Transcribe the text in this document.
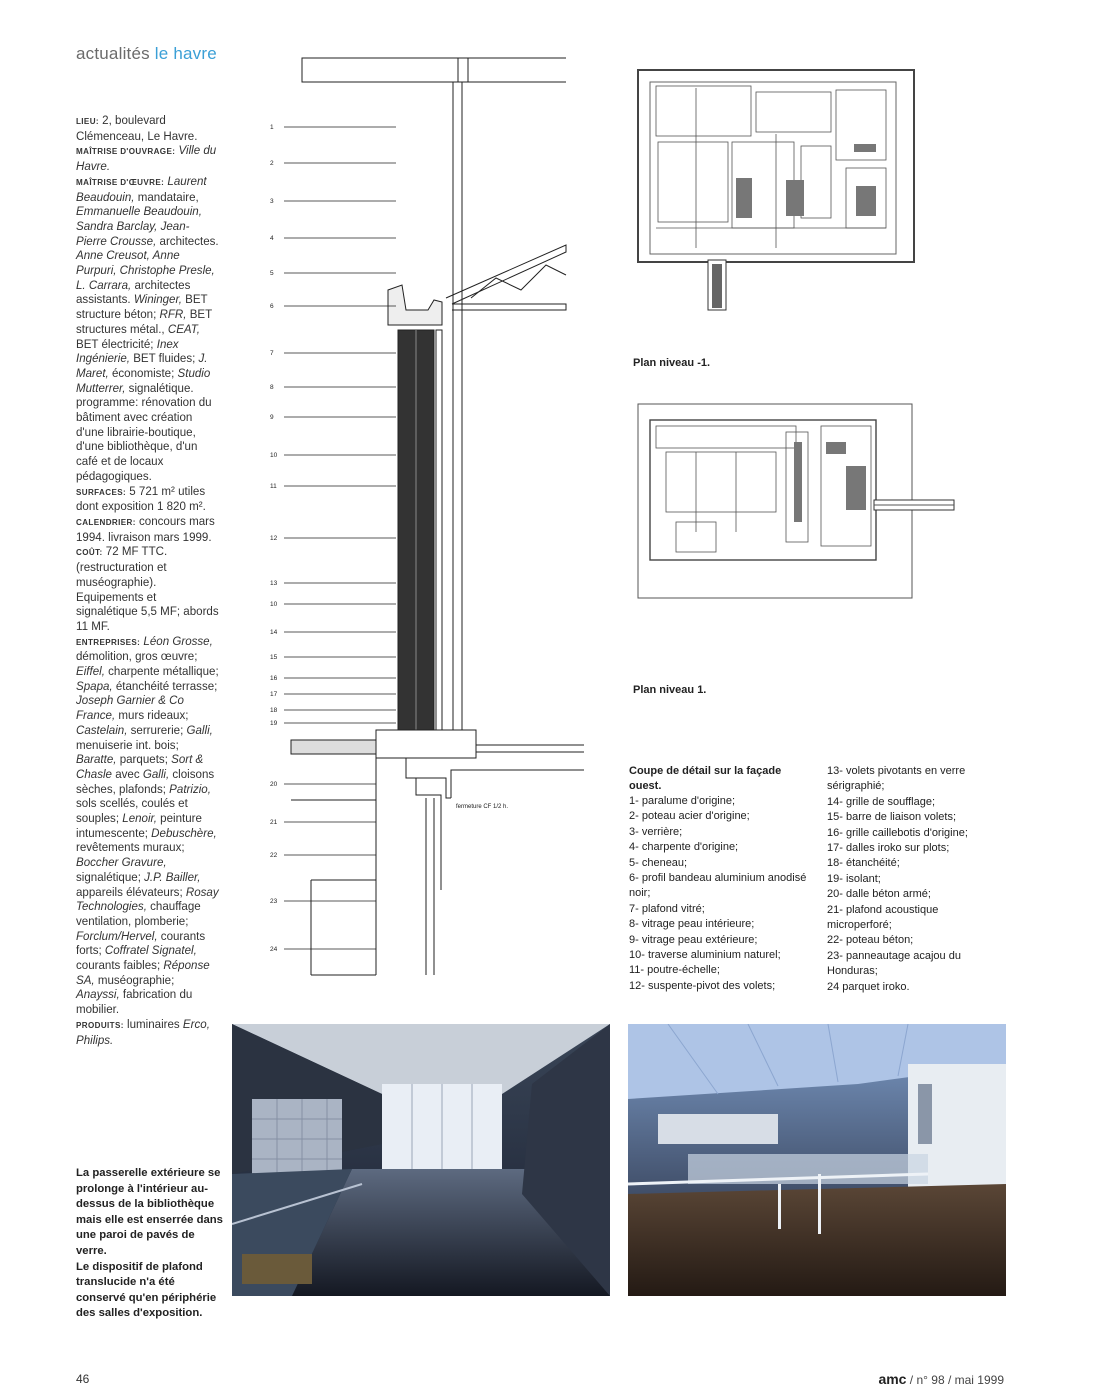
actualités le havre
LIEU: 2, boulevard Clémenceau, Le Havre.
MAÎTRISE D'OUVRAGE: Ville du Havre.
MAÎTRISE D'ŒUVRE: Laurent Beaudouin, mandataire, Emmanuelle Beaudouin, Sandra Barclay, Jean-Pierre Crousse, architectes. Anne Creusot, Anne Purpuri, Christophe Presle, L. Carrara, architectes assistants. Wininger, BET structure béton; RFR, BET structures métal., CEAT, BET électricité; Inex Ingénierie, BET fluides; J. Maret, économiste; Studio Mutterrer, signalétique. programme: rénovation du bâtiment avec création d'une librairie-boutique, d'une bibliothèque, d'un café et de locaux pédagogiques.
SURFACES: 5 721 m² utiles dont exposition 1 820 m².
CALENDRIER: concours mars 1994. livraison mars 1999.
COÛT: 72 MF TTC. (restructuration et muséographie). Equipements et signalétique 5,5 MF; abords 11 MF.
ENTREPRISES: Léon Grosse, démolition, gros œuvre; Eiffel, charpente métallique; Spapa, étanchéité terrasse; Joseph Garnier & Co France, murs rideaux; Castelain, serrurerie; Galli, menuiserie int. bois; Baratte, parquets; Sort & Chasle avec Galli, cloisons sèches, plafonds; Patrizio, sols scellés, coulés et souples; Lenoir, peinture intumescente; Debuschère, revêtements muraux; Boccher Gravure, signalétique; J.P. Bailler, appareils élévateurs; Rosay Technologies, chauffage ventilation, plomberie; Forclum/Hervel, courants forts; Coffratel Signatel, courants faibles; Réponse SA, muséographie; Anayssi, fabrication du mobilier.
PRODUITS: luminaires Erco, Philips.

La passerelle extérieure se prolonge à l'intérieur au-dessus de la bibliothèque mais elle est enserrée dans une paroi de pavés de verre.

Le dispositif de plafond translucide n'a été conservé qu'en périphérie des salles d'exposition.

1
2
3
4
5
6
7
8
9
10
11
12
13
10
14
15
16
17
18
19
20
21
22
23
24
fermeture CF 1/2 h.
Plan niveau -1.
Plan niveau 1.
Coupe de détail sur la façade ouest.
1- paralume d'origine;
2- poteau acier d'origine;
3- verrière;
4- charpente d'origine;
5- cheneau;
6- profil bandeau aluminium anodisé noir;
7- plafond vitré;
8- vitrage peau intérieure;
9- vitrage peau extérieure;
10- traverse aluminium naturel;
11- poutre-échelle;
12- suspente-pivot des volets;
13- volets pivotants en verre sérigraphié;
14- grille de soufflage;
15- barre de liaison volets;
16- grille caillebotis d'origine;
17- dalles iroko sur plots;
18- étanchéité;
19- isolant;
20- dalle béton armé;
21- plafond acoustique microperforé;
22- poteau béton;
23- panneautage acajou du Honduras;
24 parquet iroko.
46	amc / n° 98 / mai 1999
